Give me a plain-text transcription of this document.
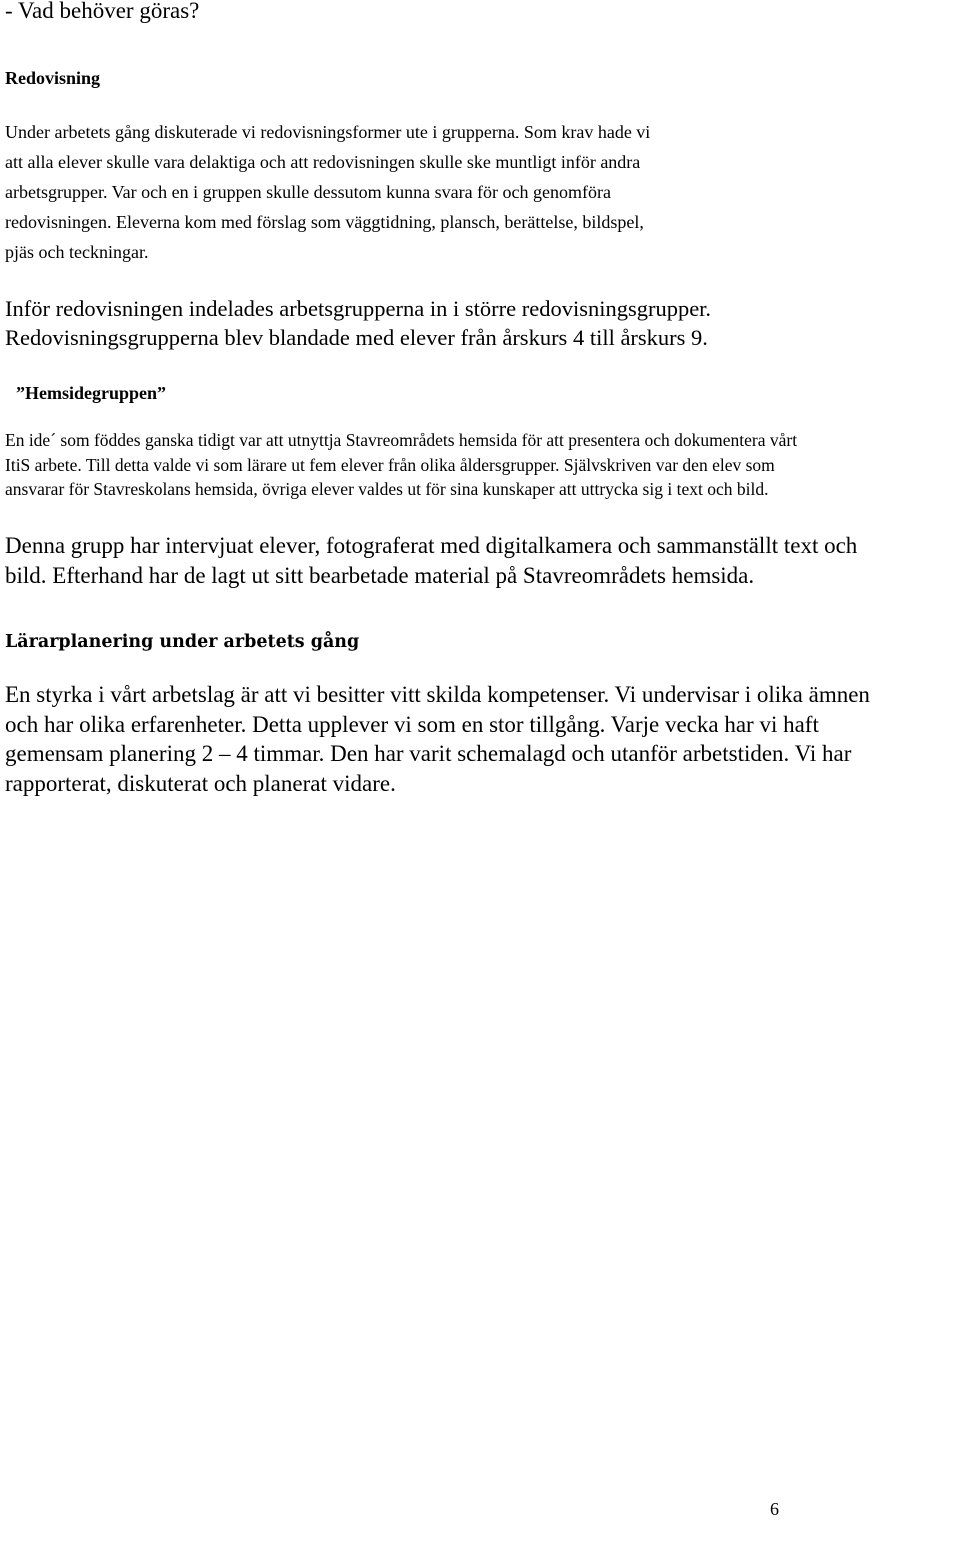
- Vad behöver göras?
Redovisning

Under arbetets gång diskuterade vi redovisningsformer ute i grupperna. Som krav hade vi
att alla elever skulle vara delaktiga och att redovisningen skulle ske muntligt inför andra
arbetsgrupper. Var och en i gruppen skulle dessutom kunna svara för och genomföra
redovisningen. Eleverna kom med förslag som väggtidning, plansch, berättelse, bildspel,
pjäs och teckningar.

Inför redovisningen indelades arbetsgrupperna in i större redovisningsgrupper.
Redovisningsgrupperna blev blandade med elever från årskurs 4 till årskurs 9.

”Hemsidegruppen”

En ide´ som föddes ganska tidigt var att utnyttja Stavreområdets hemsida för att presentera och dokumentera vårt
ItiS arbete. Till detta valde vi som lärare ut fem elever från olika åldersgrupper. Självskriven var den elev som
ansvarar för Stavreskolans hemsida, övriga elever valdes ut för sina kunskaper att uttrycka sig i text och bild.

Denna grupp har intervjuat elever, fotograferat med digitalkamera och sammanställt text och
bild. Efterhand har de lagt ut sitt bearbetade material på Stavreområdets hemsida.

Lärarplanering under arbetets gång

En styrka i vårt arbetslag är att vi besitter vitt skilda kompetenser. Vi undervisar i olika ämnen
och har olika erfarenheter. Detta upplever vi som en stor tillgång. Varje vecka har vi haft
gemensam planering 2 – 4 timmar. Den har varit schemalagd och utanför arbetstiden. Vi har
rapporterat, diskuterat och planerat vidare.

6
